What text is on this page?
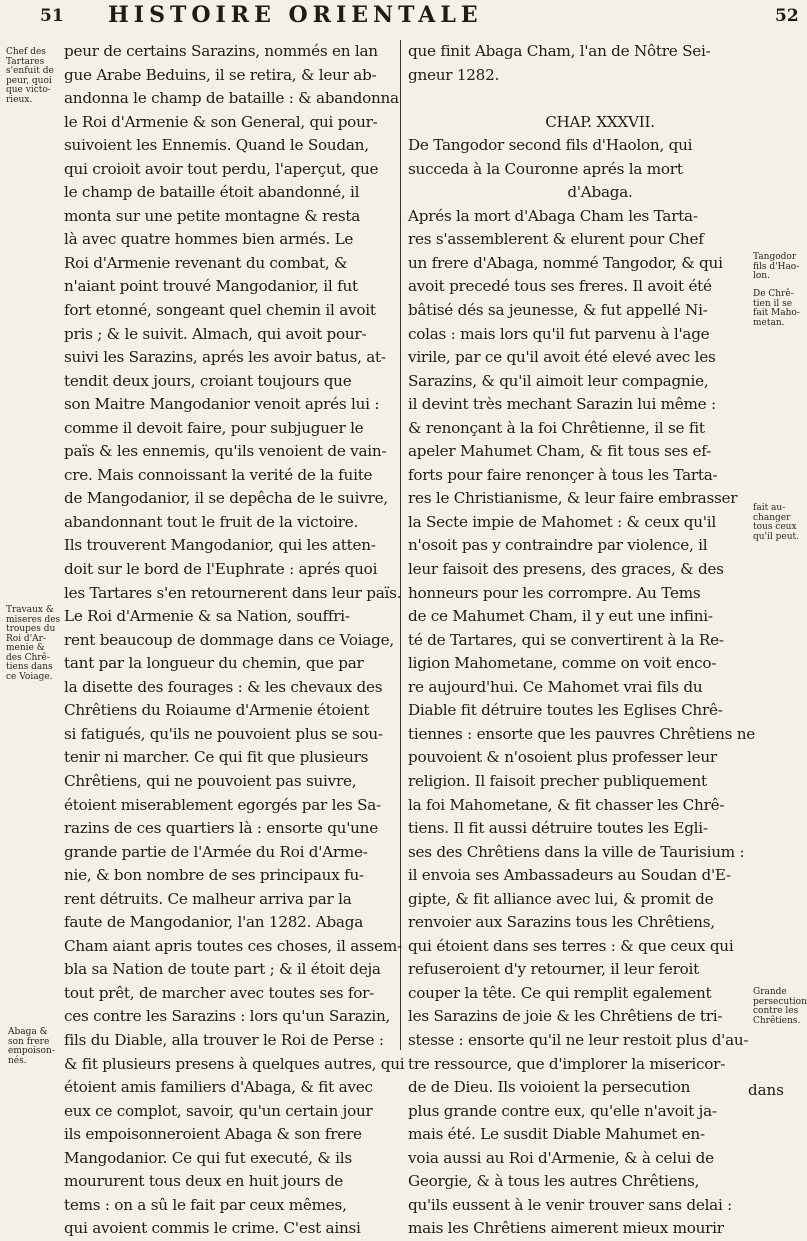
51 HISTOIRE ORIENTALE	52
peur de certains Sarazins, nommés en lan
gue Arabe Beduins, il se retira, & leur ab-
andonna le champ de bataille : & abandonna
le Roi d'Armenie & son General, qui pour-
suivoient les Ennemis. Quand le Soudan,
qui croioit avoir tout perdu, l'aperçut, que
le champ de bataille étoit abandonné, il
monta sur une petite montagne & resta
là avec quatre hommes bien armés. Le
Roi d'Armenie revenant du combat, &
n'aiant point trouvé Mangodanior, il fut
fort etonné, songeant quel chemin il avoit
pris ; & le suivit. Almach, qui avoit pour-
suivi les Sarazins, aprés les avoir batus, at-
tendit deux jours, croiant toujours que
son Maitre Mangodanior venoit aprés lui :
comme il devoit faire, pour subjuguer le
païs & les ennemis, qu'ils venoient de vain-
cre. Mais connoissant la verité de la fuite
de Mangodanior, il se depêcha de le suivre,
abandonnant tout le fruit de la victoire.
Ils trouverent Mangodanior, qui les atten-
doit sur le bord de l'Euphrate : aprés quoi
les Tartares s'en retournerent dans leur païs.
Le Roi d'Armenie & sa Nation, souffri-
rent beaucoup de dommage dans ce Voiage,
tant par la longueur du chemin, que par
la disette des fourages : & les chevaux des
Chrêtiens du Roiaume d'Armenie étoient
si fatigués, qu'ils ne pouvoient plus se sou-
tenir ni marcher. Ce qui fit que plusieurs
Chrêtiens, qui ne pouvoient pas suivre,
étoient miserablement egorgés par les Sa-
razins de ces quartiers là : ensorte qu'une
grande partie de l'Armée du Roi d'Arme-
nie, & bon nombre de ses principaux fu-
rent détruits. Ce malheur arriva par la
faute de Mangodanior, l'an 1282. Abaga
Cham aiant apris toutes ces choses, il assem-
bla sa Nation de toute part ; & il étoit deja
tout prêt, de marcher avec toutes ses for-
ces contre les Sarazins : lors qu'un Sarazin,
fils du Diable, alla trouver le Roi de Perse :
& fit plusieurs presens à quelques autres, qui
étoient amis familiers d'Abaga, & fit avec
eux ce complot, savoir, qu'un certain jour
ils empoisonneroient Abaga & son frere
Mangodanior. Ce qui fut executé, & ils
moururent tous deux en huit jours de
tems : on a sû le fait par ceux mêmes,
qui avoient commis le crime. C'est ainsi
que finit Abaga Cham, l'an de Nôtre Sei-
gneur 1282.
CHAP. XXXVII.
De Tangodor second fils d'Haolon, qui
succeda à la Couronne aprés la mort
d'Abaga.
Aprés la mort d'Abaga Cham les Tarta-
res s'assemblerent & elurent pour Chef
un frere d'Abaga, nommé Tangodor, & qui
avoit precedé tous ses freres. Il avoit été
bâtisé dés sa jeunesse, & fut appellé Ni-
colas : mais lors qu'il fut parvenu à l'age
virile, par ce qu'il avoit été elevé avec les
Sarazins, & qu'il aimoit leur compagnie,
il devint très mechant Sarazin lui même :
& renonçant à la foi Chrêtienne, il se fit
apeler Mahumet Cham, & fit tous ses ef-
forts pour faire renonçer à tous les Tarta-
res le Christianisme, & leur faire embrasser
la Secte impie de Mahomet : & ceux qu'il
n'osoit pas y contraindre par violence, il
leur faisoit des presens, des graces, & des
honneurs pour les corrompre. Au Tems
de ce Mahumet Cham, il y eut une infini-
té de Tartares, qui se convertirent à la Re-
ligion Mahometane, comme on voit enco-
re aujourd'hui. Ce Mahomet vrai fils du
Diable fit détruire toutes les Eglises Chrê-
tiennes : ensorte que les pauvres Chrêtiens ne
pouvoient & n'osoient plus professer leur
religion. Il faisoit precher publiquement
la foi Mahometane, & fit chasser les Chrê-
tiens. Il fit aussi détruire toutes les Egli-
ses des Chrêtiens dans la ville de Taurisium :
il envoia ses Ambassadeurs au Soudan d'E-
gipte, & fit alliance avec lui, & promit de
renvoier aux Sarazins tous les Chrêtiens,
qui étoient dans ses terres : & que ceux qui
refuseroient d'y retourner, il leur feroit
couper la tête. Ce qui remplit egalement
les Sarazins de joie & les Chrêtiens de tri-
stesse : ensorte qu'il ne leur restoit plus d'au-
tre ressource, que d'implorer la misericor-
de de Dieu. Ils voioient la persecution
plus grande contre eux, qu'elle n'avoit ja-
mais été. Le susdit Diable Mahumet en-
voia aussi au Roi d'Armenie, & à celui de
Georgie, & à tous les autres Chrêtiens,
qu'ils eussent à le venir trouver sans delai :
mais les Chrêtiens aimerent mieux mourir
Chef des
Tartares
s'enfuit de
peur, quoi
que victo-
rieux.
Travaux &
miseres des
troupes du
Roi d'Ar-
menie &
des Chrê-
tiens dans
ce Voiage.
Abaga &
son frere
empoison-
nés.
Tangodor
fils d'Hao-
lon.
De Chrê-
tien il se
fait Maho-
metan.
fait au-
changer
tous ceux
qu'il peut.
Grande
persecution
contre les
Chrêtiens.
dans
